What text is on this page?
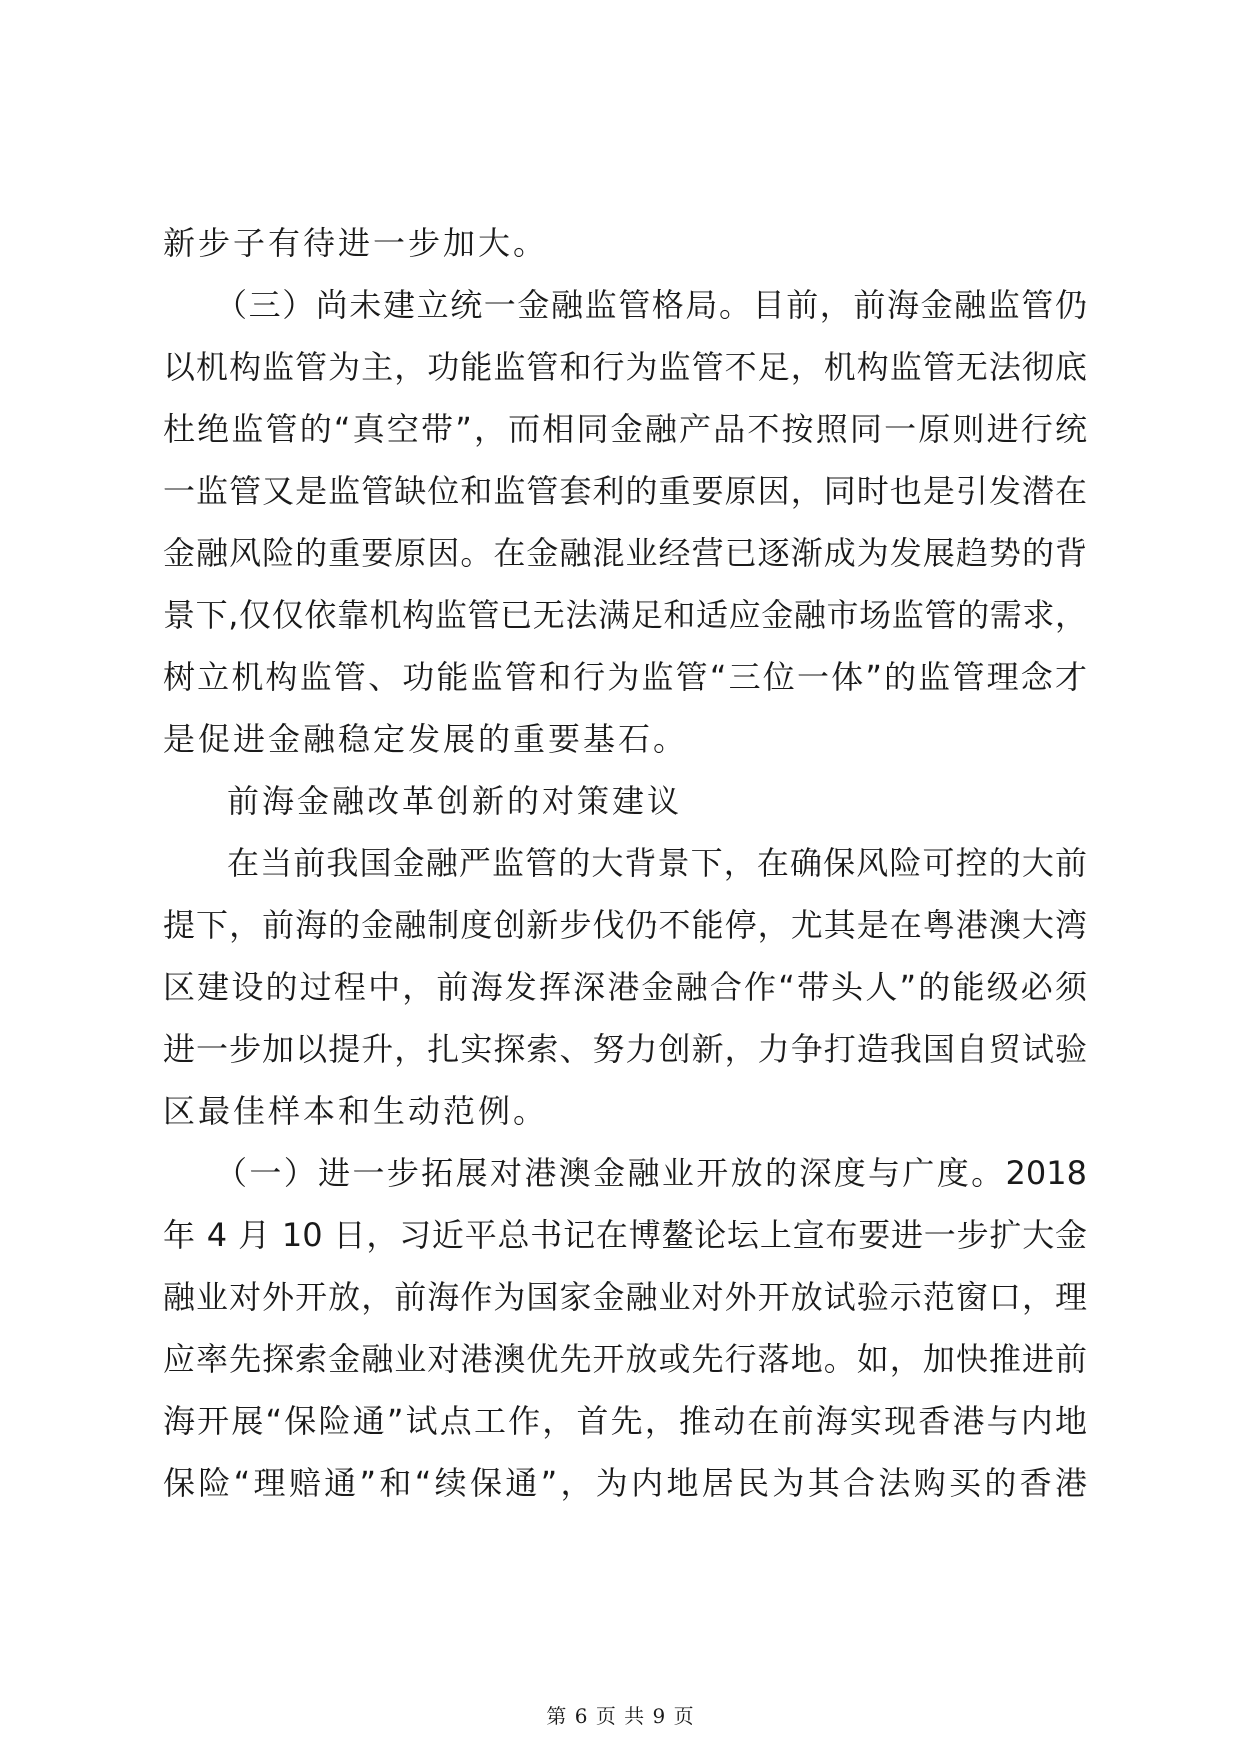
新步子有待进一步加大。
（三）尚未建立统一金融监管格局。目前，前海金融监管仍
以机构监管为主，功能监管和行为监管不足，机构监管无法彻底
杜绝监管的“真空带”，而相同金融产品不按照同一原则进行统
一监管又是监管缺位和监管套利的重要原因，同时也是引发潜在
金融风险的重要原因。在金融混业经营已逐渐成为发展趋势的背
景下,仅仅依靠机构监管已无法满足和适应金融市场监管的需求，
树立机构监管、功能监管和行为监管“三位一体”的监管理念才
是促进金融稳定发展的重要基石。
前海金融改革创新的对策建议
在当前我国金融严监管的大背景下，在确保风险可控的大前
提下，前海的金融制度创新步伐仍不能停，尤其是在粤港澳大湾
区建设的过程中，前海发挥深港金融合作“带头人”的能级必须
进一步加以提升，扎实探索、努力创新，力争打造我国自贸试验
区最佳样本和生动范例。
（一）进一步拓展对港澳金融业开放的深度与广度。2018
年 4 月 10 日，习近平总书记在博鳌论坛上宣布要进一步扩大金
融业对外开放，前海作为国家金融业对外开放试验示范窗口，理
应率先探索金融业对港澳优先开放或先行落地。如，加快推进前
海开展“保险通”试点工作，首先，推动在前海实现香港与内地
保险“理赔通”和“续保通”，为内地居民为其合法购买的香港
第 6 页 共 9 页
